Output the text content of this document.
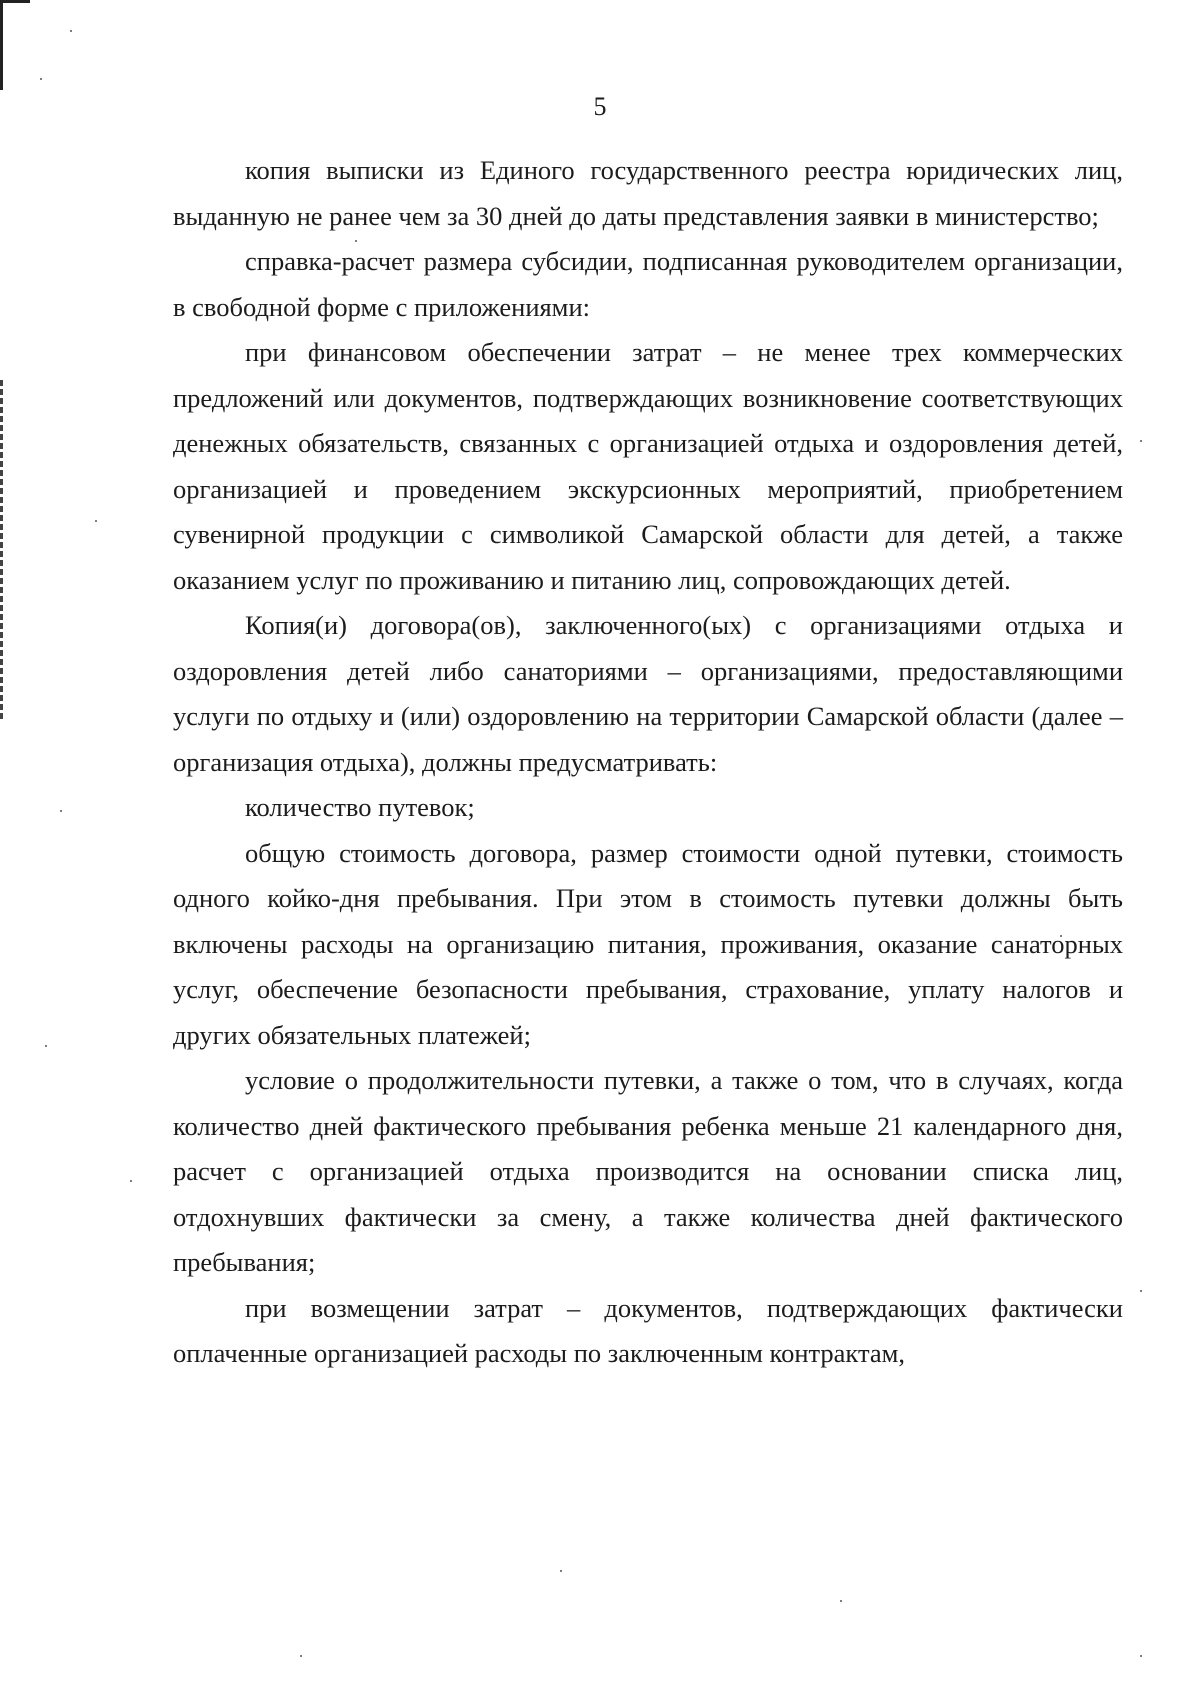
5

копия выписки из Единого государственного реестра юридических лиц, выданную не ранее чем за 30 дней до даты представления заявки в министерство;

справка-расчет размера субсидии, подписанная руководителем организации, в свободной форме с приложениями:

при финансовом обеспечении затрат – не менее трех коммерческих предложений или документов, подтверждающих возникновение соответствующих денежных обязательств, связанных с организацией отдыха и оздоровления детей, организацией и проведением экскурсионных мероприятий, приобретением сувенирной продукции с символикой Самарской области для детей, а также оказанием услуг по проживанию и питанию лиц, сопровождающих детей.

Копия(и) договора(ов), заключенного(ых) с организациями отдыха и оздоровления детей либо санаториями – организациями, предоставляющими услуги по отдыху и (или) оздоровлению на территории Самарской области (далее – организация отдыха), должны предусматривать:

количество путевок;

общую стоимость договора, размер стоимости одной путевки, стоимость одного койко-дня пребывания. При этом в стоимость путевки должны быть включены расходы на организацию питания, проживания, оказание санаторных услуг, обеспечение безопасности пребывания, страхование, уплату налогов и других обязательных платежей;

условие о продолжительности путевки, а также о том, что в случаях, когда количество дней фактического пребывания ребенка меньше 21 календарного дня, расчет с организацией отдыха производится на основании списка лиц, отдохнувших фактически за смену, а также количества дней фактического пребывания;

при возмещении затрат – документов, подтверждающих фактически оплаченные организацией расходы по заключенным контрактам,
